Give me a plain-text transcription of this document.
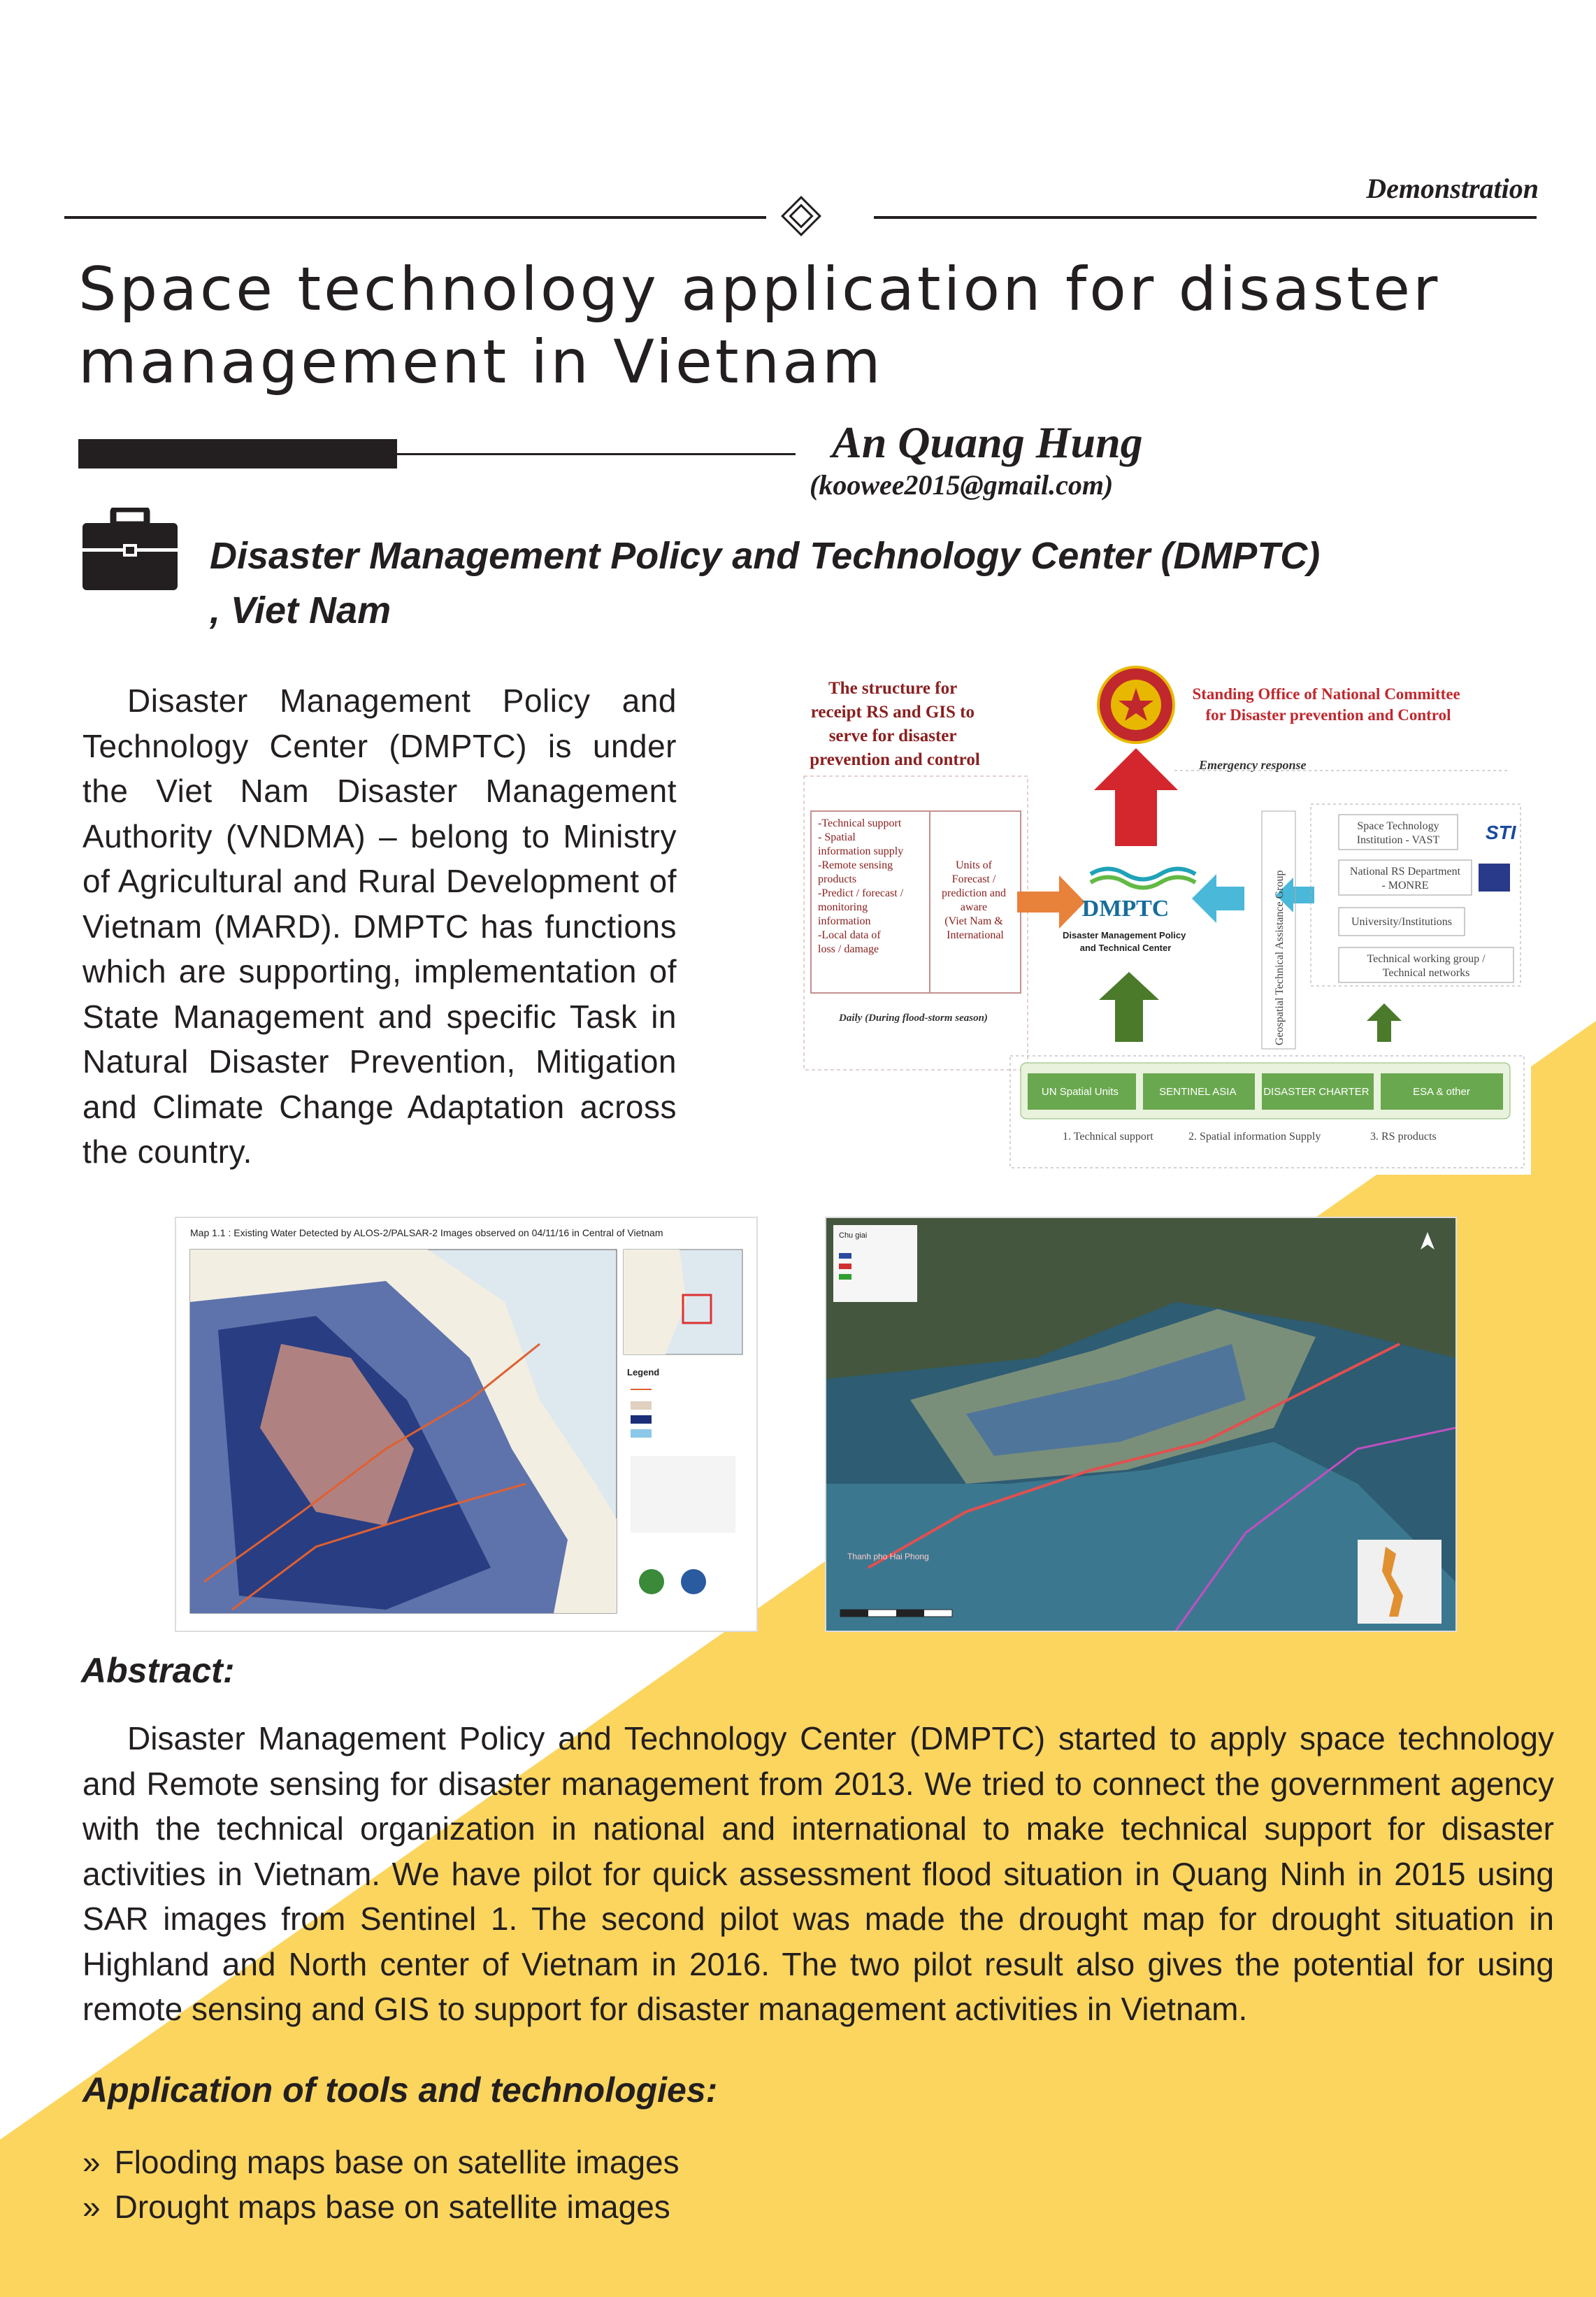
Demonstration
Space technology application for disaster management in Vietnam
An Quang Hung
(koowee2015@gmail.com)
Disaster Management Policy and Technology Center (DMPTC) , Viet Nam
Disaster Management Policy and Technology Center (DMPTC) is under the Viet Nam Disaster Management Authority (VNDMA) – belong to Ministry of Agricultural and Rural Development of Vietnam (MARD). DMPTC has functions which are supporting, implementation of State Management and specific Task in Natural Disaster Prevention, Mitigation and Climate Change Adaptation across the country.
The structure for receipt RS and GIS to serve for disaster prevention and control
Standing Office of National Committee for Disaster prevention and Control
Emergency response
-Technical support - Spatial information supply -Remote sensing products -Predict / forecast / monitoring information -Local data of loss / damage
Units of Forecast / prediction and aware (Viet Nam & International
Daily (During flood-storm season)
DMPTC
Disaster Management Policy and Technical Center	Geospatial Technical Assistance Group
Space Technology Institution - VAST
National RS Department - MONRE
University/Institutions
Technical working group / Technical networks
STI
UN Spatial Units	SENTINEL ASIA	DISASTER CHARTER	ESA & other
1. Technical support	2. Spatial information Supply	3. RS products
Map 1.1 : Existing Water Detected by ALOS-2/PALSAR-2 Images observed on 04/11/16 in Central of Vietnam
Legend
Chu giai
Thanh pho Hai Phong
Abstract:
Disaster Management Policy and Technology Center (DMPTC) started to apply space technology and Remote sensing for disaster management from 2013. We tried to connect the government agency with the technical organization in national and international to make technical support for disaster activities in Vietnam. We have pilot for quick assessment flood situation in Quang Ninh in 2015 using SAR images from Sentinel 1. The second pilot was made the drought map for drought situation in Highland and North center of Vietnam in 2016. The two pilot result also gives the potential for using remote sensing and GIS to support for disaster management activities in Vietnam.
Application of tools and technologies:
» Flooding maps base on satellite images
» Drought maps base on satellite images
